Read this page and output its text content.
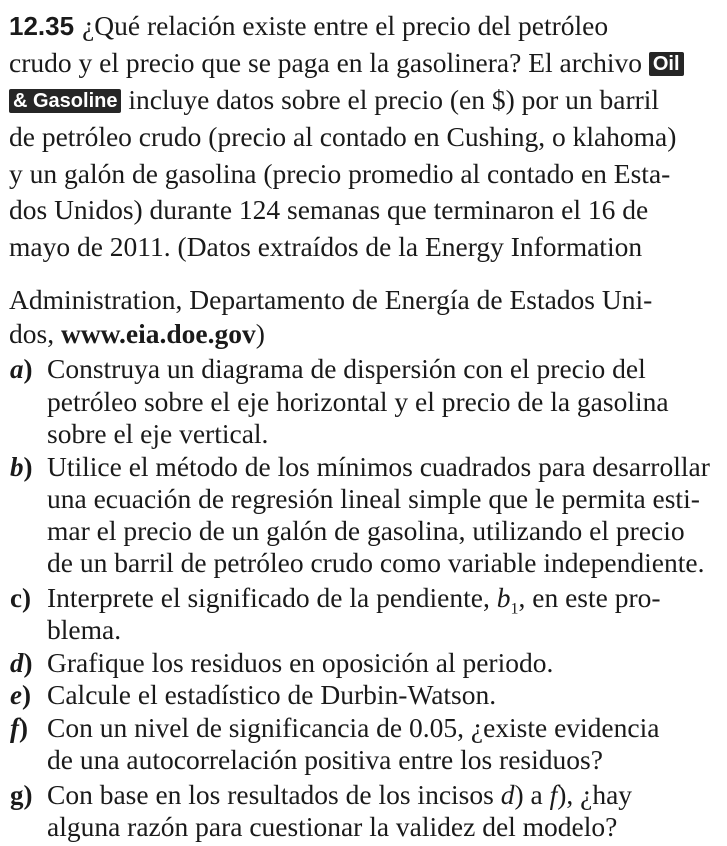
12.35 ¿Qué relación existe entre el precio del petróleo
crudo y el precio que se paga en la gasolinera? El archivo Oil
& Gasoline incluye datos sobre el precio (en $) por un barril
de petróleo crudo (precio al contado en Cushing, o klahoma)
y un galón de gasolina (precio promedio al contado en Esta-
dos Unidos) durante 124 semanas que terminaron el 16 de
mayo de 2011. (Datos extraídos de la Energy Information
Administration, Departamento de Energía de Estados Uni-
dos, www.eia.doe.gov)
a) Construya un diagrama de dispersión con el precio del
petróleo sobre el eje horizontal y el precio de la gasolina
sobre el eje vertical.
b) Utilice el método de los mínimos cuadrados para desarrollar
una ecuación de regresión lineal simple que le permita esti-
mar el precio de un galón de gasolina, utilizando el precio
de un barril de petróleo crudo como variable independiente.
c) Interprete el significado de la pendiente, $b_1$, en este pro-
blema.
d) Grafique los residuos en oposición al periodo.
e) Calcule el estadístico de Durbin-Watson.
f) Con un nivel de significancia de 0.05, ¿existe evidencia
de una autocorrelación positiva entre los residuos?
g) Con base en los resultados de los incisos d) a f), ¿hay
alguna razón para cuestionar la validez del modelo?
